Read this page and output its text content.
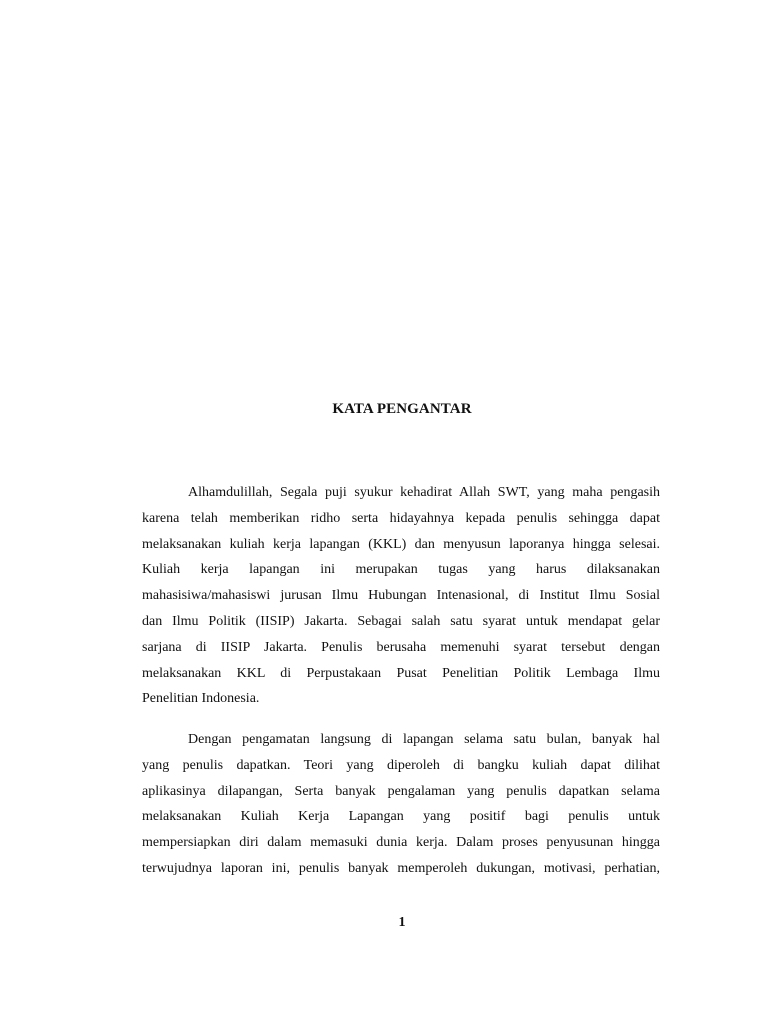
KATA PENGANTAR
Alhamdulillah, Segala puji syukur kehadirat Allah SWT, yang maha pengasih
karena telah memberikan ridho serta hidayahnya kepada penulis sehingga dapat
melaksanakan kuliah kerja lapangan (KKL) dan menyusun laporanya hingga selesai.
Kuliah kerja lapangan ini merupakan tugas yang harus dilaksanakan
mahasisiwa/mahasiswi jurusan Ilmu Hubungan Intenasional, di Institut Ilmu Sosial
dan Ilmu Politik (IISIP) Jakarta. Sebagai salah satu syarat untuk mendapat gelar
sarjana di IISIP Jakarta. Penulis berusaha memenuhi syarat tersebut dengan
melaksanakan KKL di Perpustakaan Pusat Penelitian Politik Lembaga Ilmu
Penelitian Indonesia.
Dengan pengamatan langsung di lapangan selama satu bulan, banyak hal
yang penulis dapatkan. Teori yang diperoleh di bangku kuliah dapat dilihat
aplikasinya dilapangan, Serta banyak pengalaman yang penulis dapatkan selama
melaksanakan Kuliah Kerja Lapangan yang positif bagi penulis untuk
mempersiapkan diri dalam memasuki dunia kerja. Dalam proses penyusunan hingga
terwujudnya laporan ini, penulis banyak memperoleh dukungan, motivasi, perhatian,
1
